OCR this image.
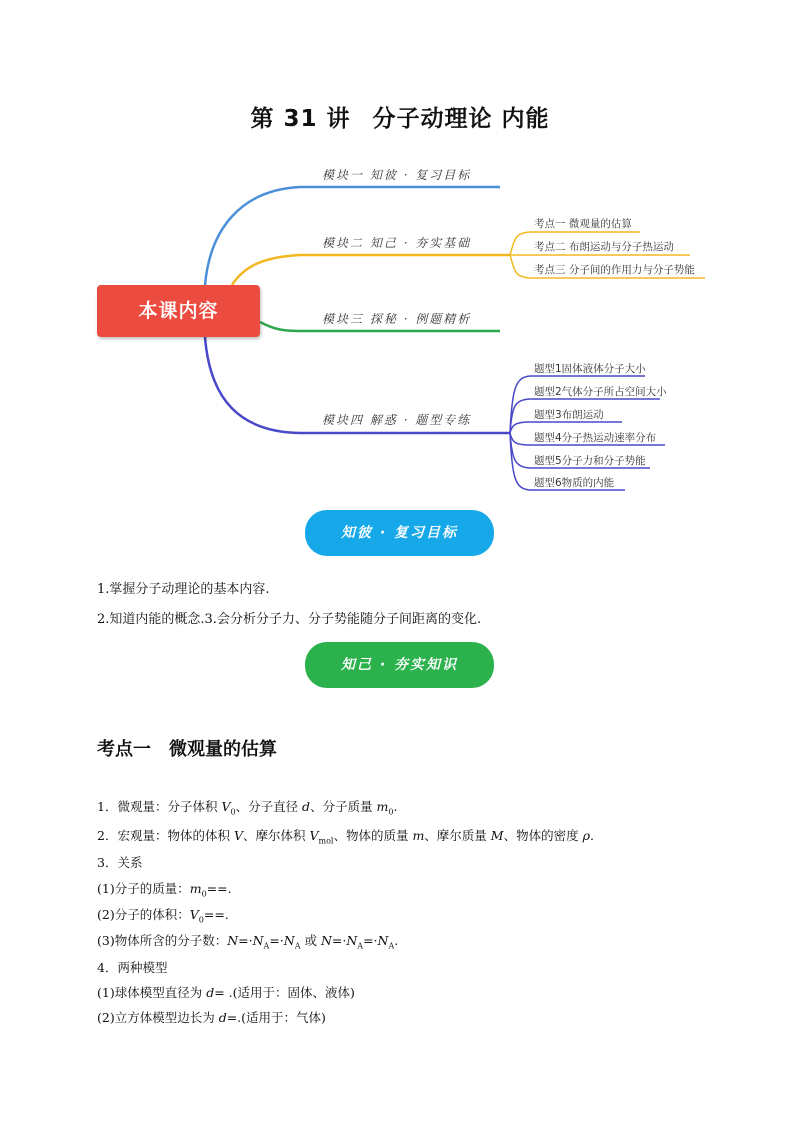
第 31 讲 分子动理论 内能
本课内容
模块一 知彼 · 复习目标
模块二 知己 · 夯实基础
模块三 探秘 · 例题精析
模块四 解惑 · 题型专练
考点一 微观量的估算
考点二 布朗运动与分子热运动
考点三 分子间的作用力与分子势能
题型1固体液体分子大小
题型2气体分子所占空间大小
题型3布朗运动
题型4分子热运动速率分布
题型5分子力和分子势能
题型6物质的内能
知彼 · 复习目标
1.掌握分子动理论的基本内容.
2.知道内能的概念.3.会分析分子力、分子势能随分子间距离的变化.
知己 · 夯实知识
考点一 微观量的估算
1．微观量：分子体积 $V_0$、分子直径 d、分子质量 $m_0$.
2．宏观量：物体的体积 V、摩尔体积 $V_{mol}$、物体的质量 m、摩尔质量 M、物体的密度 ρ.
3．关系
(1)分子的质量：$m_0==$.
(2)分子的体积：$V_0==$.
(3)物体所含的分子数：$N=\cdot N_A=\cdot N_A$ 或 $N=\cdot N_A=\cdot N_A$.
4．两种模型
(1)球体模型直径为 d= .(适用于：固体、液体)
(2)立方体模型边长为 d=.(适用于：气体)
